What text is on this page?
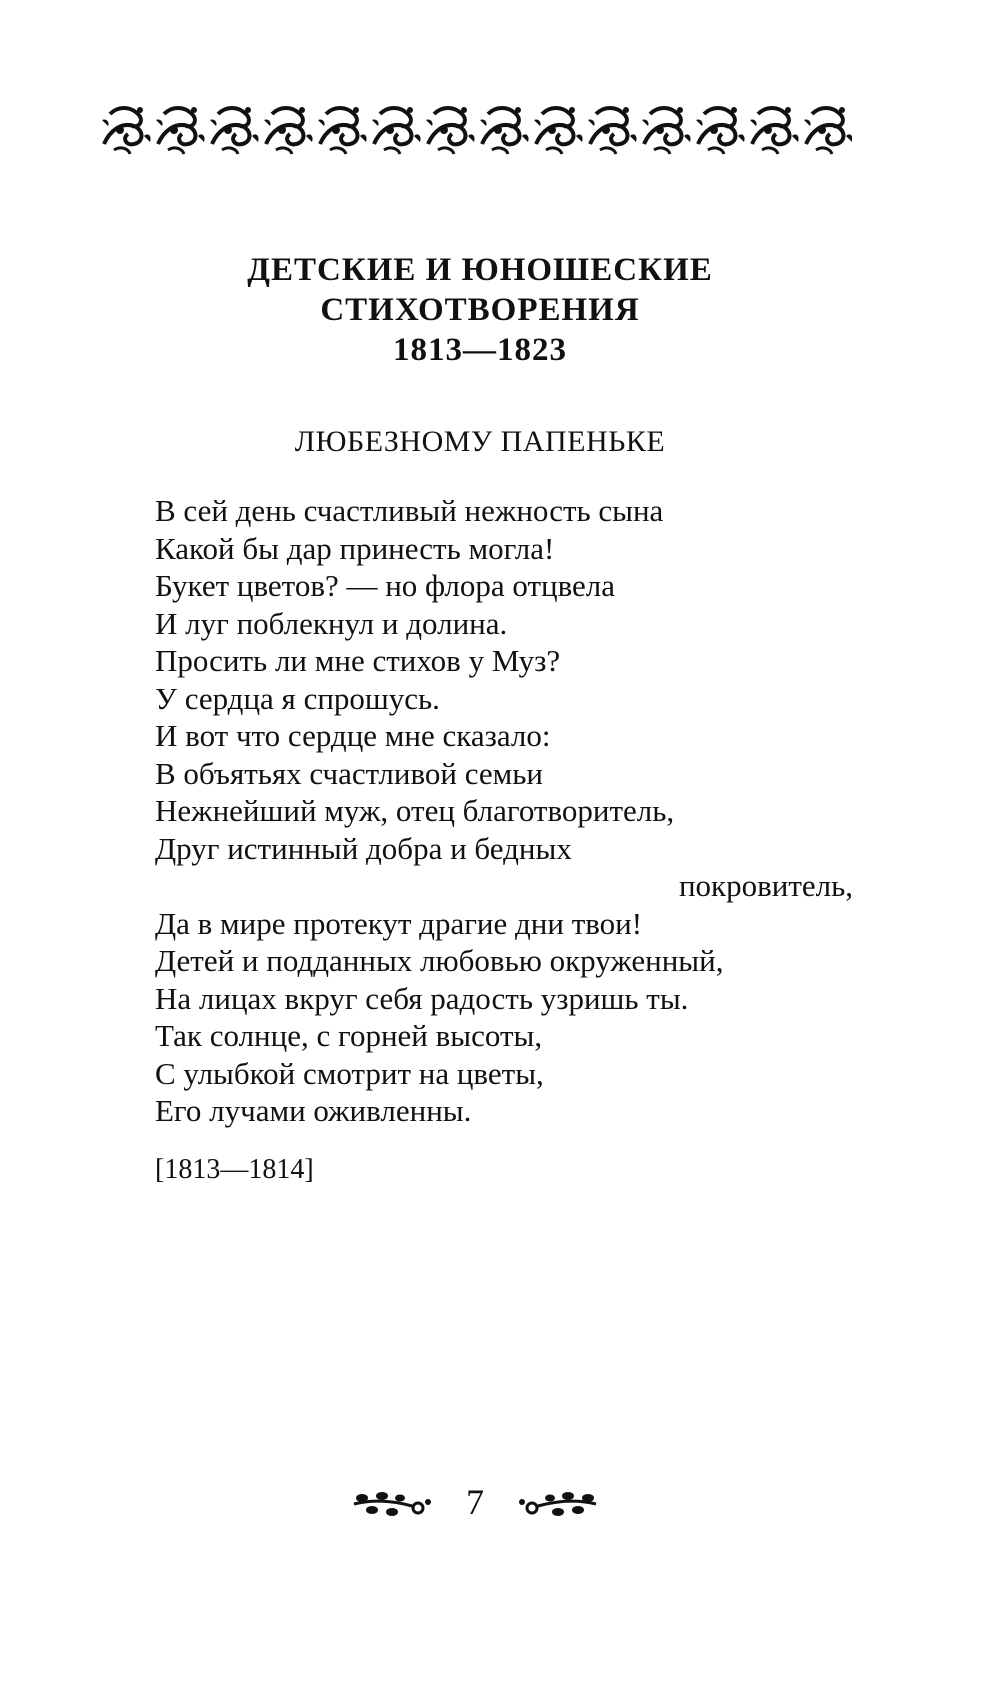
ДЕТСКИЕ И ЮНОШЕСКИЕ
СТИХОТВОРЕНИЯ
1813—1823
ЛЮБЕЗНОМУ ПАПЕНЬКЕ
В сей день счастливый нежность сына
Какой бы дар принесть могла!
Букет цветов? — но флора отцвела
И луг поблекнул и долина.
Просить ли мне стихов у Муз?
У сердца я спрошусь.
И вот что сердце мне сказало:
В объятьях счастливой семьи
Нежнейший муж, отец благотворитель,
Друг истинный добра и бедных
покровитель,
Да в мире протекут драгие дни твои!
Детей и подданных любовью окруженный,
На лицах вкруг себя радость узришь ты.
Так солнце, с горней высоты,
С улыбкой смотрит на цветы,
Его лучами оживленны.
[1813—1814]
7
